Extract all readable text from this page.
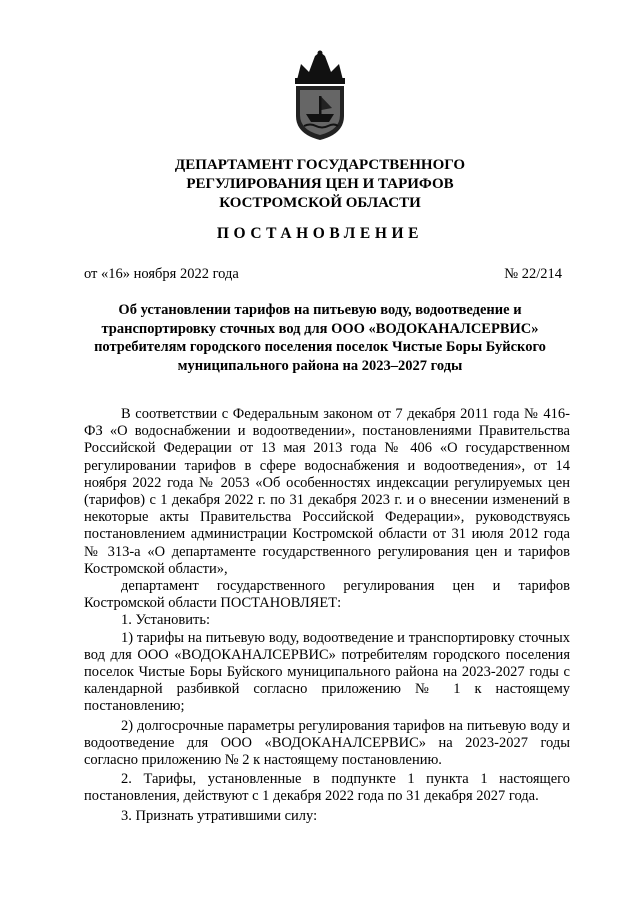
ДЕПАРТАМЕНТ ГОСУДАРСТВЕННОГО
РЕГУЛИРОВАНИЯ ЦЕН И ТАРИФОВ
КОСТРОМСКОЙ ОБЛАСТИ
ПОСТАНОВЛЕНИЕ
от «16» ноября 2022 года	№ 22/214
Об установлении тарифов на питьевую воду, водоотведение и
транспортировку сточных вод для ООО «ВОДОКАНАЛСЕРВИС»
потребителям городского поселения поселок Чистые Боры Буйского
муниципального района на 2023–2027 годы

В соответствии с Федеральным законом от 7 декабря 2011 года № 416-ФЗ «О водоснабжении и водоотведении», постановлениями Правительства Российской Федерации от 13 мая 2013 года № 406 «О государственном регулировании тарифов в сфере водоснабжения и водоотведения», от 14 ноября 2022 года № 2053 «Об особенностях индексации регулируемых цен (тарифов) с 1 декабря 2022 г. по 31 декабря 2023 г. и о внесении изменений в некоторые акты Правительства Российской Федерации», руководствуясь постановлением администрации Костромской области от 31 июля 2012 года № 313-а «О департаменте государственного регулирования цен и тарифов Костромской области»,

департамент государственного регулирования цен и тарифов Костромской области ПОСТАНОВЛЯЕТ:

1. Установить:

1) тарифы на питьевую воду, водоотведение и транспортировку сточных вод для ООО «ВОДОКАНАЛСЕРВИС» потребителям городского поселения поселок Чистые Боры Буйского муниципального района на 2023-2027 годы с календарной разбивкой согласно приложению № 1 к настоящему постановлению;

2) долгосрочные параметры регулирования тарифов на питьевую воду и водоотведение для ООО «ВОДОКАНАЛСЕРВИС» на 2023-2027 годы согласно приложению № 2 к настоящему постановлению.

2. Тарифы, установленные в подпункте 1 пункта 1 настоящего постановления, действуют с 1 декабря 2022 года по 31 декабря 2027 года.

3. Признать утратившими силу:
